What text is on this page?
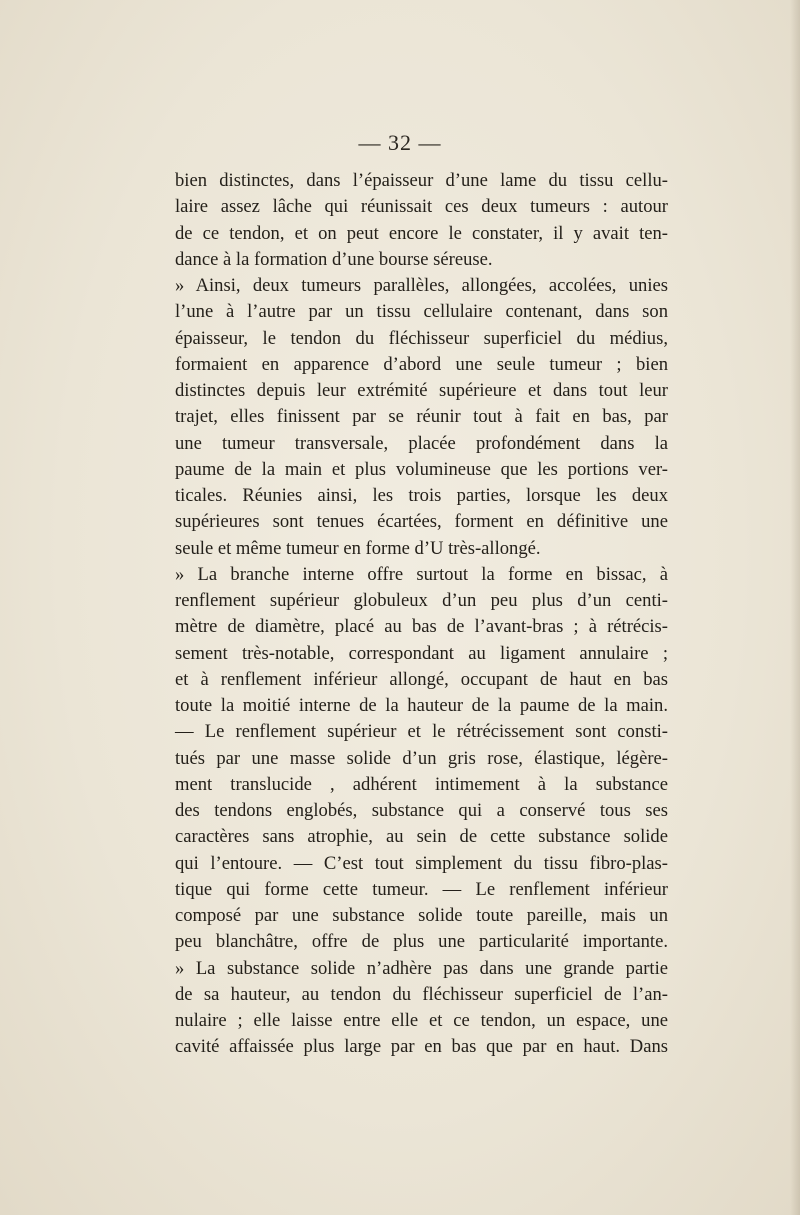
— 32 —
bien distinctes, dans l’épaisseur d’une lame du tissu cellu-
laire assez lâche qui réunissait ces deux tumeurs : autour
de ce tendon, et on peut encore le constater, il y avait ten-
dance à la formation d’une bourse séreuse.
» Ainsi, deux tumeurs parallèles, allongées, accolées, unies
l’une à l’autre par un tissu cellulaire contenant, dans son
épaisseur, le tendon du fléchisseur superficiel du médius,
formaient en apparence d’abord une seule tumeur ; bien
distinctes depuis leur extrémité supérieure et dans tout leur
trajet, elles finissent par se réunir tout à fait en bas, par
une tumeur transversale, placée profondément dans la
paume de la main et plus volumineuse que les portions ver-
ticales. Réunies ainsi, les trois parties, lorsque les deux
supérieures sont tenues écartées, forment en définitive une
seule et même tumeur en forme d’U très-allongé.
» La branche interne offre surtout la forme en bissac, à
renflement supérieur globuleux d’un peu plus d’un centi-
mètre de diamètre, placé au bas de l’avant-bras ; à rétrécis-
sement très-notable, correspondant au ligament annulaire ;
et à renflement inférieur allongé, occupant de haut en bas
toute la moitié interne de la hauteur de la paume de la main.
— Le renflement supérieur et le rétrécissement sont consti-
tués par une masse solide d’un gris rose, élastique, légère-
ment translucide , adhérent intimement à la substance
des tendons englobés, substance qui a conservé tous ses
caractères sans atrophie, au sein de cette substance solide
qui l’entoure. — C’est tout simplement du tissu fibro-plas-
tique qui forme cette tumeur. — Le renflement inférieur
composé par une substance solide toute pareille, mais un
peu blanchâtre, offre de plus une particularité importante.
» La substance solide n’adhère pas dans une grande partie
de sa hauteur, au tendon du fléchisseur superficiel de l’an-
nulaire ; elle laisse entre elle et ce tendon, un espace, une
cavité affaissée plus large par en bas que par en haut. Dans
